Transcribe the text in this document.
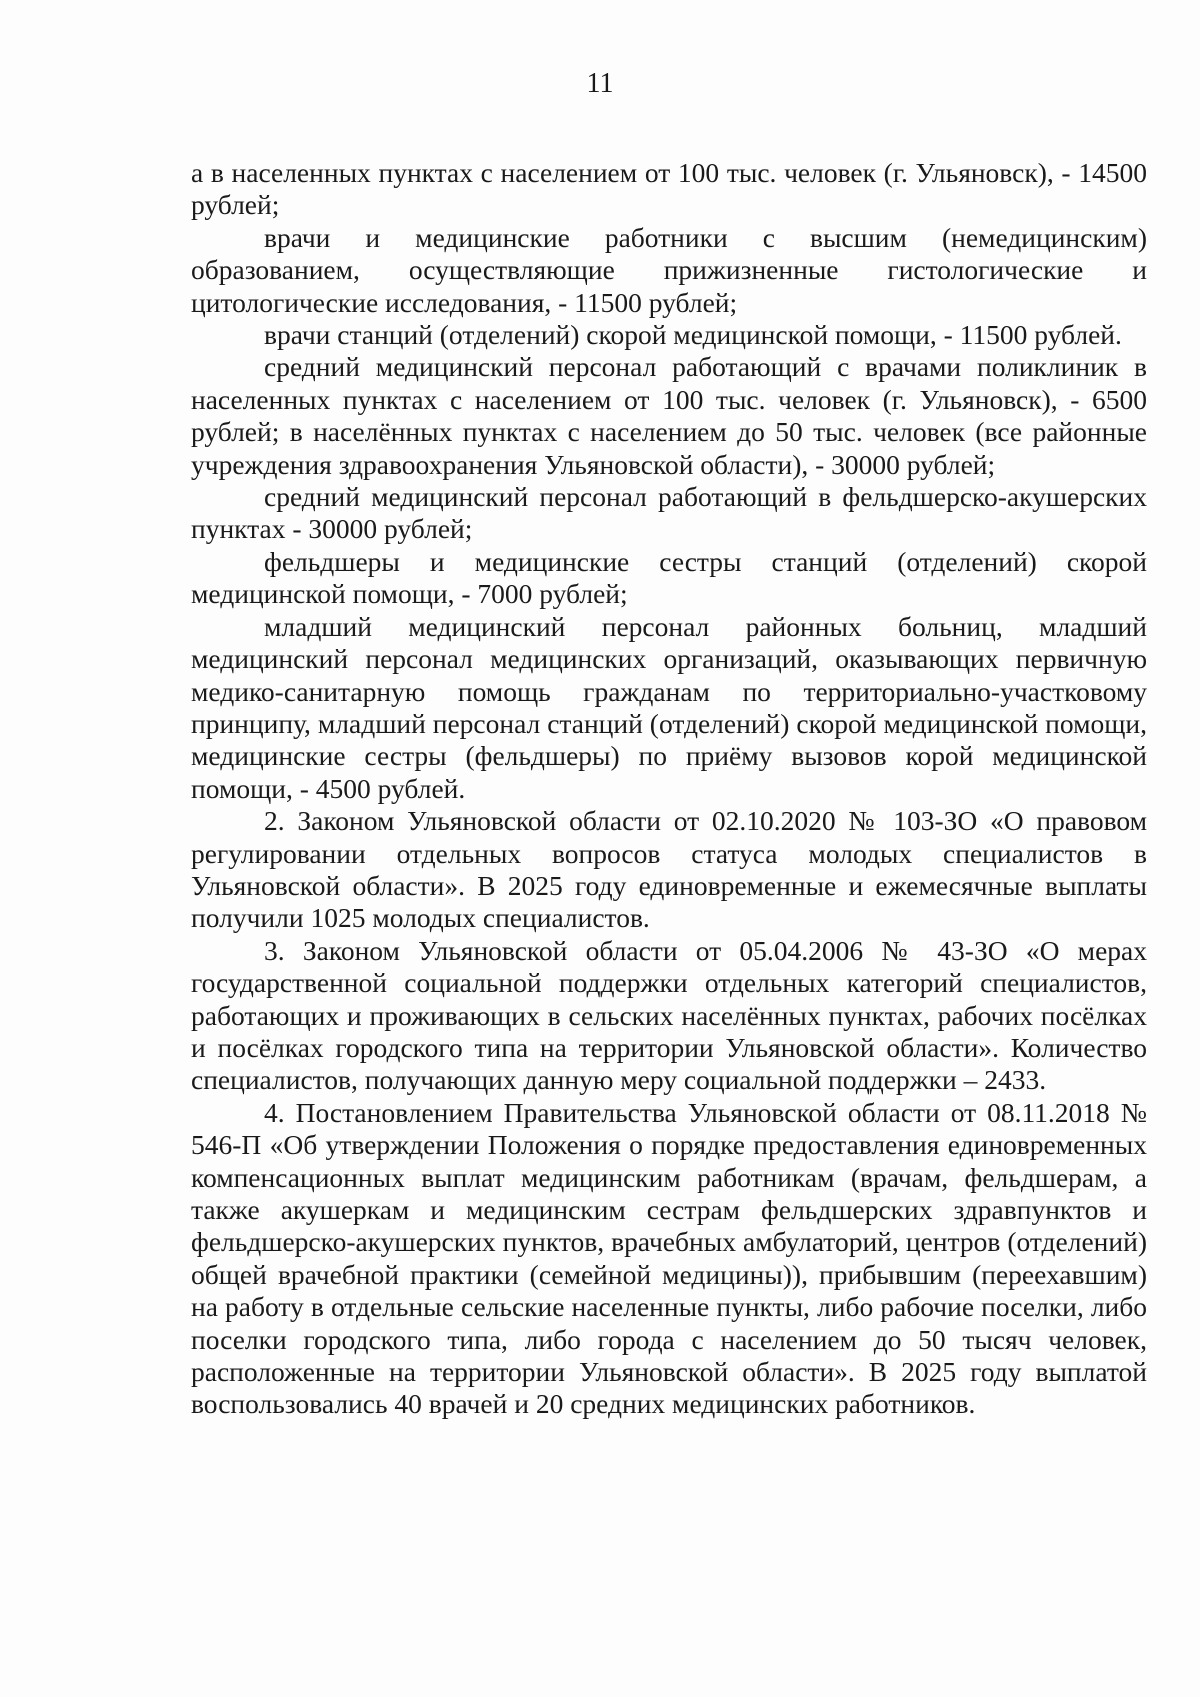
11

а в населенных пунктах с населением от 100 тыс. человек (г. Ульяновск), - 14500 рублей;

врачи и медицинские работники с высшим (немедицинским) образованием, осуществляющие прижизненные гистологические и цитологические исследования, - 11500 рублей;

врачи станций (отделений) скорой медицинской помощи, - 11500 рублей.

средний медицинский персонал работающий с врачами поликлиник в населенных пунктах с населением от 100 тыс. человек (г. Ульяновск), - 6500 рублей; в населённых пунктах с населением до 50 тыс. человек (все районные учреждения здравоохранения Ульяновской области), - 30000 рублей;

средний медицинский персонал работающий в фельдшерско-акушерских пунктах - 30000 рублей;

фельдшеры и медицинские сестры станций (отделений) скорой медицинской помощи, - 7000 рублей;

младший медицинский персонал районных больниц, младший медицинский персонал медицинских организаций, оказывающих первичную медико-санитарную помощь гражданам по территориально-участковому принципу, младший персонал станций (отделений) скорой медицинской помощи, медицинские сестры (фельдшеры) по приёму вызовов корой медицинской помощи, - 4500 рублей.

2. Законом Ульяновской области от 02.10.2020 № 103-ЗО «О правовом регулировании отдельных вопросов статуса молодых специалистов в Ульяновской области». В 2025 году единовременные и ежемесячные выплаты получили 1025 молодых специалистов.

3. Законом Ульяновской области от 05.04.2006 № 43-ЗО «О мерах государственной социальной поддержки отдельных категорий специалистов, работающих и проживающих в сельских населённых пунктах, рабочих посёлках и посёлках городского типа на территории Ульяновской области». Количество специалистов, получающих данную меру социальной поддержки – 2433.

4. Постановлением Правительства Ульяновской области от 08.11.2018 № 546-П «Об утверждении Положения о порядке предоставления единовременных компенсационных выплат медицинским работникам (врачам, фельдшерам, а также акушеркам и медицинским сестрам фельдшерских здравпунктов и фельдшерско-акушерских пунктов, врачебных амбулаторий, центров (отделений) общей врачебной практики (семейной медицины)), прибывшим (переехавшим) на работу в отдельные сельские населенные пункты, либо рабочие поселки, либо поселки городского типа, либо города с населением до 50 тысяч человек, расположенные на территории Ульяновской области». В 2025 году выплатой воспользовались 40 врачей и 20 средних медицинских работников.
